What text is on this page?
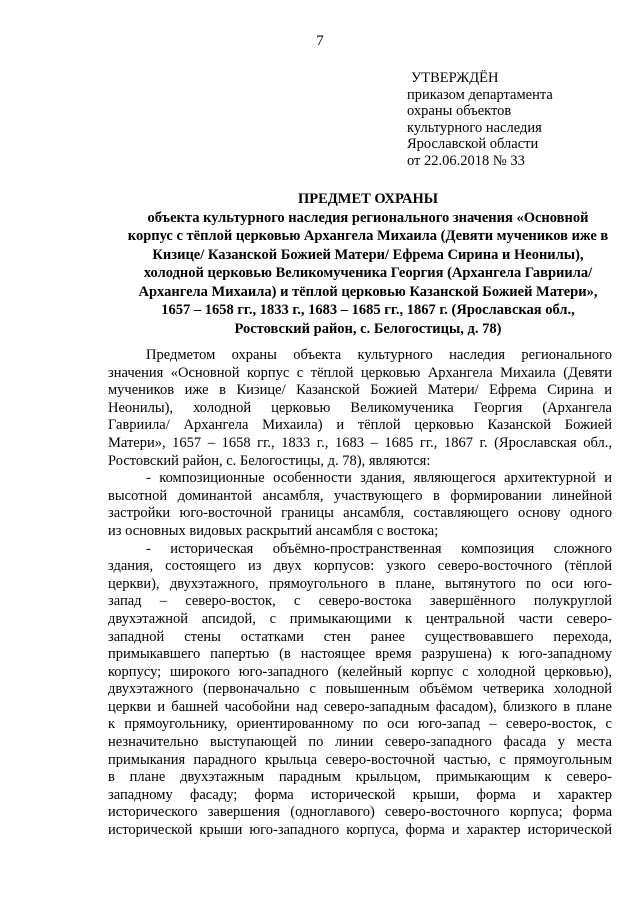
7
УТВЕРЖДЁН
приказом департамента
охраны объектов
культурного наследия
Ярославской области
от 22.06.2018 № 33
ПРЕДМЕТ ОХРАНЫ
объекта культурного наследия регионального значения «Основной
корпус с тёплой церковью Архангела Михаила (Девяти мучеников иже в
Кизице/ Казанской Божией Матери/ Ефрема Сирина и Неонилы),
холодной церковью Великомученика Георгия (Архангела Гавриила/
Архангела Михаила) и тёплой церковью Казанской Божией Матери»,
1657 – 1658 гг., 1833 г., 1683 – 1685 гг., 1867 г. (Ярославская обл.,
Ростовский район, с. Белогостицы, д. 78)
Предметом охраны объекта культурного наследия регионального
значения «Основной корпус с тёплой церковью Архангела Михаила (Девяти
мучеников иже в Кизице/ Казанской Божией Матери/ Ефрема Сирина и
Неонилы), холодной церковью Великомученика Георгия (Архангела
Гавриила/ Архангела Михаила) и тёплой церковью Казанской Божией
Матери», 1657 – 1658 гг., 1833 г., 1683 – 1685 гг., 1867 г. (Ярославская обл.,
Ростовский район, с. Белогостицы, д. 78), являются:
- композиционные особенности здания, являющегося архитектурной и
высотной доминантой ансамбля, участвующего в формировании линейной
застройки юго-восточной границы ансамбля, составляющего основу одного
из основных видовых раскрытий ансамбля с востока;
- историческая объёмно-пространственная композиция сложного
здания, состоящего из двух корпусов: узкого северо-восточного (тёплой
церкви), двухэтажного, прямоугольного в плане, вытянутого по оси юго-
запад – северо-восток, с северо-востока завершённого полукруглой
двухэтажной апсидой, с примыкающими к центральной части северо-
западной стены остатками стен ранее существовавшего перехода,
примыкавшего папертью (в настоящее время разрушена) к юго-западному
корпусу; широкого юго-западного (келейный корпус с холодной церковью),
двухэтажного (первоначально с повышенным объёмом четверика холодной
церкви и башней часобойни над северо-западным фасадом), близкого в плане
к прямоугольнику, ориентированному по оси юго-запад – северо-восток, с
незначительно выступающей по линии северо-западного фасада у места
примыкания парадного крыльца северо-восточной частью, с прямоугольным
в плане двухэтажным парадным крыльцом, примыкающим к северо-
западному фасаду; форма исторической крыши, форма и характер
исторического завершения (одноглавого) северо-восточного корпуса; форма
исторической крыши юго-западного корпуса, форма и характер исторической
